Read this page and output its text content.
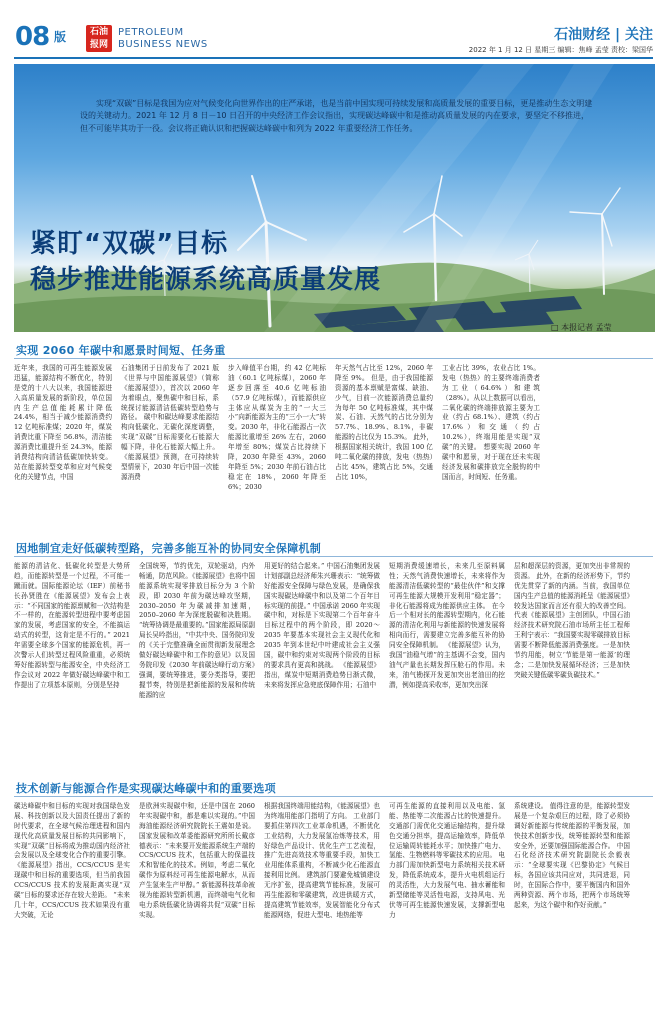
08 版	石油
报网
PETROLEUM
BUSINESS NEWS
石油财经 | 关注
2022 年 1 月 12 日 星期三 编辑：焦峰 孟莹 责校：梁国华
实现“双碳”目标是我国为应对气候变化向世界作出的庄严承诺，也是当前中国实现可持续发展和高质量发展的重要目标，更是推动生态文明建设的关键动力。2021 年 12 月 8 日－10 日召开的中央经济工作会议指出，实现碳达峰碳中和是推动高质量发展的内在要求，要坚定不移推进，但不可能毕其功于一役。会议将正确认识和把握碳达峰碳中和列为 2022 年重要经济工作任务。
紧盯“双碳”目标
稳步推进能源系统高质量发展
□ 本报记者 孟莹
实现 2060 年碳中和愿景时间短、任务重
近年来，我国的可再生能源发展迅猛，能源结构不断优化，特别是党的十八大以来，我国能源进入高质量发展的新阶段，单位国内生产总值能耗累计降低 24.4%，相当于减少能源消费约 12 亿吨标准煤；2020 年，煤炭消费比重下降至 56.8%，清洁能源消费比重提升至 24.3%，能源消费结构向清洁低碳加快转变。 站在能源转型变革和应对气候变化的关键节点，中国
石油集团于日前发布了 2021 版《世界与中国能源展望》（简称《能源展望》），首次以 2060 年为着眼点，聚焦碳中和目标，系统探讨能源清洁低碳转型趋势与路径。 碳中和碳达峰要求能源结构向低碳化、无碳化深度调整，实现“双碳”目标需要化石能源大幅下降，非化石能源大幅上升。《能源展望》预测，在可持续转型情景下，2030 年后中国一次能源消费
步入峰值平台期，约 42 亿吨标油（60.1 亿吨标煤），2060 年逐步回落至 40.6 亿吨标油（57.9 亿吨标煤），而能源供应主体应从煤炭为主的“一大三小”向新能源为主的“三小一大”转变。2030 年，非化石能源占一次能源比重增至 26% 左右，2060 年增至 80%；煤炭占比持续下降，2030 年降至 43%，2060 年降至 5%；2030 年前石油占比稳定在 18%，2060 年降至 6%；2030
年天然气占比至 12%，2060 年降至 9%。 但是，由于我国能源资源的基本禀赋是富煤、缺油、少气，目前一次能源消费总量约为每年 50 亿吨标准煤，其中煤炭、石油、天然气的占比分别为 57.7%、18.9%、8.1%，非碳能源的占比仅为 15.3%。 此外，根据国家相关统计，我国 100 亿吨二氧化碳的排放，发电（热热）占比 45%，建筑占比 5%，交通占比 10%，
工业占比 39%，农业占比 1%。发电（热热）的主要终端消费者为工业（64.6%）和建筑（28%）。从以上数据可以看出，二氧化碳的终端排放源主要为工业（约占 68.1%）、建筑（约占 17.6%）和交通（约占 10.2%），终端用能是实现“双碳”的关键。 想要实现 2060 年碳中和愿景，对于现在还未实现经济发展和碳排放完全脱钩的中国而言，时间短、任务重。
因地制宜走好低碳转型路，完善多能互补的协同安全保障机制
能源的清洁化、低碳化转型是大势所趋，而能源转型是一个过程，不可能一蹴而就。国际能源论坛（IEF）前秘书长孙贤胜在《能源展望》发布会上表示：“不同国家的能源禀赋和一次结构是不一样的，在能源转型进程中要考虑国家的发展，考虑国家的安全，不能搞运动式的转型，这肯定是不行的。” 2021 年需要全球多个国家的能源危机，再一次警示人们转型过程风险重重，必须统筹好能源转型与能源安全，中央经济工作会议对 2022 年做好碳达峰碳中和工作提出了立项基本原则，分别是坚持
全国统筹，节约优先，双轮驱动，内外畅通，防范风险。《能源展望》也将中国能源系统实现零排放目标分为 3 个阶段，即 2030 年前为碳达峰攻坚期，2030–2050 年为碳减排加速期，2050–2060 年为深度脱碳和决胜期。 “统筹协调是最重要的。”国家能源局原副局长吴吟指出，“中共中央、国务院印发的《关于完整准确全面贯彻新发展理念做好碳达峰碳中和工作的意见》以及国务院印发《2030 年前碳达峰行动方案》强调，要统筹推进，要分类指导，要把握节奏，特别是把新能源的发展和传统能源的应
用更好的结合起来。” 中国石油集团发展计划部副总经济师朱兴珊表示：“统筹做好能源安全保障与绿色发展，是确保我国实现碳达峰碳中和以及第二个百年目标实现的前提。” 中国承诺 2060 年实现碳中和，对标是下实现第二个百年奋斗目标过程中的两个阶段，即 2020～2035 年要基本实现社会主义现代化和 2035 年到本世纪中叶建成社会主义强国，碳中和约束对实现两个阶段的目标的要求具有更高和挑战。 《能源展望》指出，煤炭中短期消费趋势日渐式微，未来将发挥应急兜底保障作用；石油中
短期消费缓速增长，未来几至原料属性；天然气消费快速增长，未来将作为能源清洁低碳转型的“最佳伙伴”和支撑可再生能源大规模开发利用“稳定器”；非化石能源将成为能源供应主体。 在今后一个相对长的能源转型期内，化石能源的清洁化利用与新能源的快速发展将相向而行，需要建立完善多能互补的协同安全保障机制。 《能源展望》认为，我国“油稳气增”的主基调不会变，国内油气产量也长期发挥压舱石的作用。未来，油气勘探开发更加突出老油田的挖潜，例如提高采收率，更加突出深
层和超深层的资源，更加突出非常规的资源。 此外，在新的经济形势下，节约优先贯穿了新的内涵。当前，我国单位国内生产总值的能源消耗呈《能源展望》较发达国家而言还有很大的改善空间。 代表《能源展望》主创团队，中国石油经济技术研究院石油市场所主任工程师王利宁表示：“我国要实现零碳排放目标需要不断降低能源消费强度。一是加快节约用能，树立‘节能是第一能源’的理念；二是加快发展循环经济；三是加快突破关键低碳零碳负碳技术。”
技术创新与能源合作是实现碳达峰碳中和的重要选项
碳达峰碳中和目标的实现对我国绿色发展、科技创新以及大国责任提出了新的时代要求，在全球气候治理进程和国内现代化高质量发展目标的共同影响下，实现“双碳”目标将成为推动国内经济社会发展以及全球变化合作的重要引擎。 《能源展望》指出，CCS/CCUS 是实现碳中和目标的重要选项，但当前我国 CCS/CCUS 技术的发展距离实现“双碳”目标的要求还存在较大差距。 “未来几十年，CCS/CCUS 技术如果没有重大突破，无论
是欧洲实现碳中和，还是中国在 2060 年实现碳中和，都是难以实现的。”中国海油能源经济研究院院长王震如是说。 国家发展和改革委能源研究所所长戴彦德表示：“未来要开发能源系统生产端的 CCS/CCUS 技术，包括重大的保温技术和智能化的技术。例如，考虑二氧化碳作为原料经可再生能源电解水，从而产生氢来生产甲醇。” 新能源科技革命被视为能源转型新机遇，而终端电气化和电力系统低碳化协调将共促“双碳”目标实现。
根据我国终端用能结构，《能源展望》也为终端用能部门指明了方向。 工业部门要抓住第四次工业革命机遇，不断优化工业结构，大力发展氢冶炼等技术，用好绿色产品设计、优化生产工艺流程，推广先进高效技术等重要手段，加快工业用能体系重构，不断减少化石能源直接利用比例。 建筑部门要避免城镇建设无序扩张，提高建筑节能标准，发展可再生能源和零碳建筑，改进供暖方式，提高建筑节能效率，发展智能化分布式能源网络，促进大型电、地热能等
可再生能源的直接利用以及电能、氢能、热能等二次能源占比的快速提升。 交通部门需优化交通运输结构，提升绿色交通分担率，提高运输效率，降低单位运输周转能耗水平；加快推广电力、氢能、生物燃料等零碳技术的应用。 电力部门需加快新型电力系统相关技术研发，降低系统成本，提升火电机组运行的灵活性，大力发展气电、抽水蓄能和新型储能等灵活性电源，支持风电、光伏等可再生能源快速发展，支撑新型电力
系统建设。 值得注意的是，能源转型发展是一个复杂艰巨的过程，除了必须协调好新能源与传统能源的平衡发展，加快技术创新步伐，统筹能源转型和能源安全外，还要加强国际能源合作。 中国石化经济技术研究院副院长余毅表示：“全球要实现《巴黎协定》气候目标，各国应该共同应对，共同进退，同时，在国际合作中，要平衡国内和国外两种资源、两个市场，把两个市场统筹起来，为这个碳中和作好贡献。”
